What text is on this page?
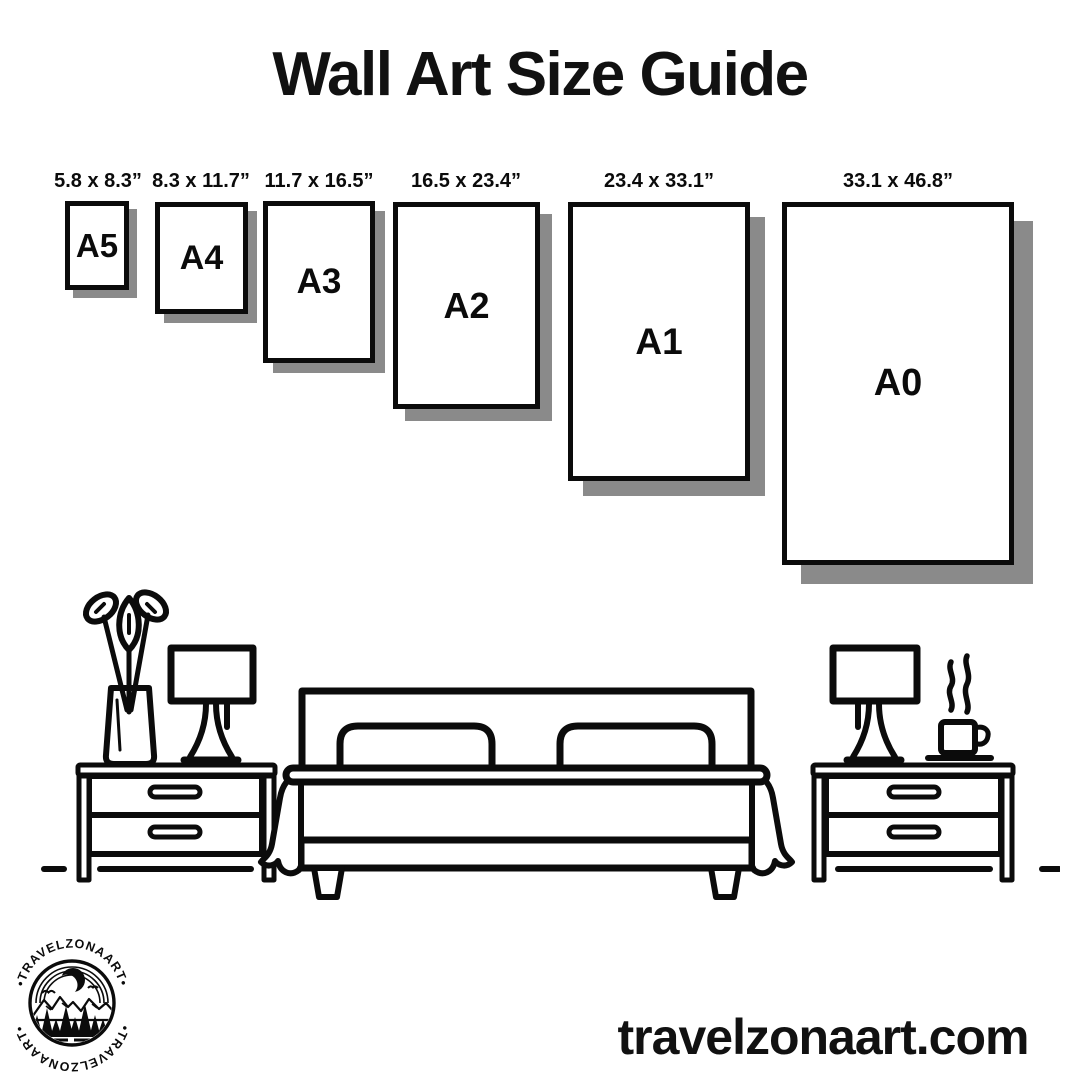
Wall Art Size Guide
5.8 x 8.3” 8.3 x 11.7” 11.7 x 16.5” 16.5 x 23.4”	23.4 x 33.1”	33.1 x 46.8”
A5 A4
A3
A2
A1
A0
•TRAVELZONAART•
•TRAVELZONAART•	travelzonaart.com
